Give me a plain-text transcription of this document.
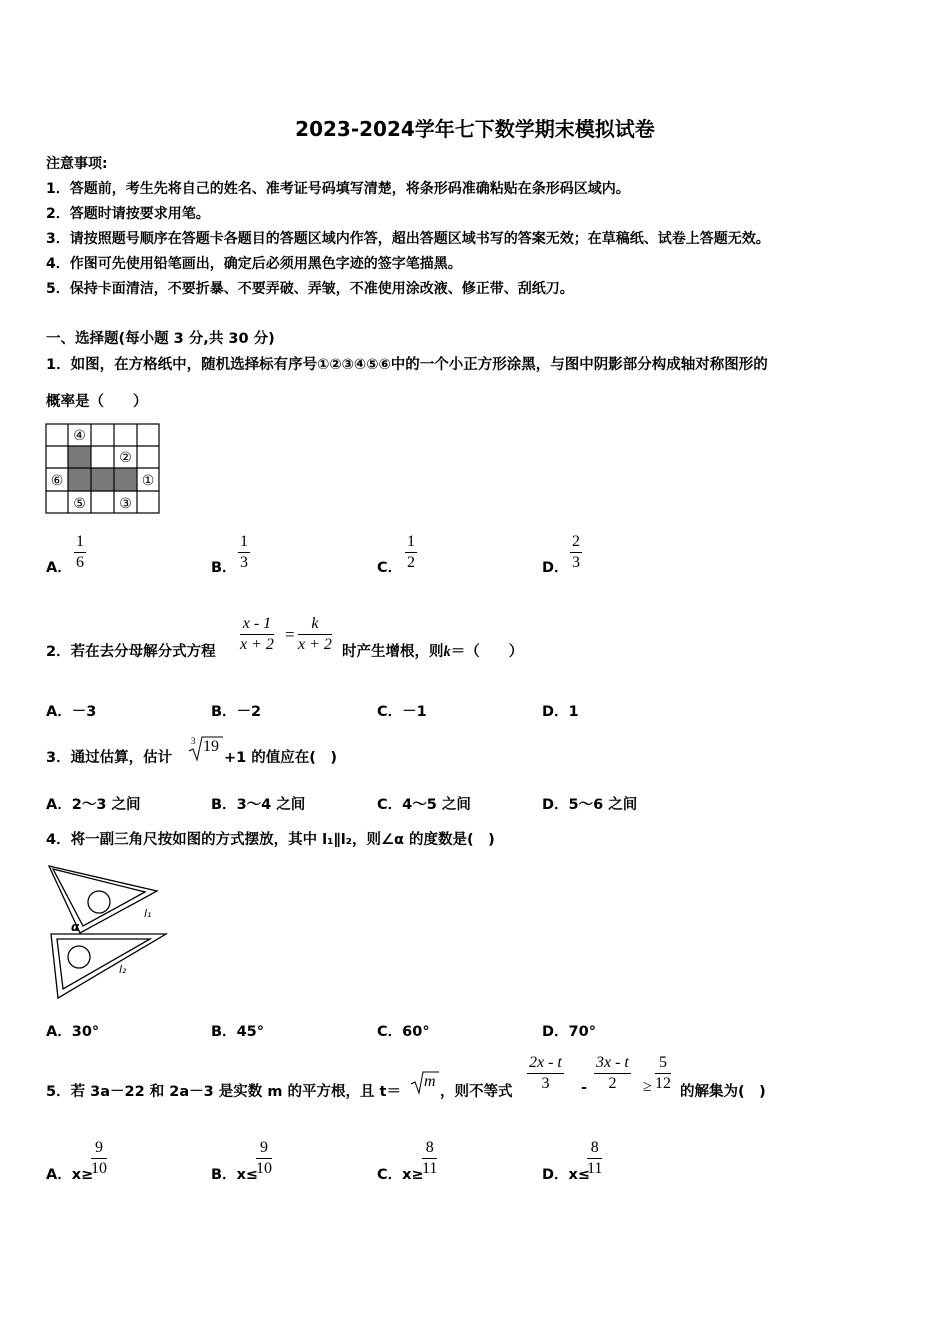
2023-2024学年七下数学期末模拟试卷
注意事项:
1．答题前，考生先将自己的姓名、准考证号码填写清楚，将条形码准确粘贴在条形码区域内。
2．答题时请按要求用笔。
3．请按照题号顺序在答题卡各题目的答题区域内作答，超出答题区域书写的答案无效；在草稿纸、试卷上答题无效。
4．作图可先使用铅笔画出，确定后必须用黑色字迹的签字笔描黑。
5．保持卡面清洁，不要折暴、不要弄破、弄皱，不准使用涂改液、修正带、刮纸刀。
一、选择题(每小题 3 分,共 30 分)
1．如图，在方格纸中，随机选择标有序号①②③④⑤⑥中的一个小正方形涂黑，与图中阴影部分构成轴对称图形的
概率是（　　）
④
②
⑥	①
⑤ ③
A． $\frac{1}{6}$	B． $\frac{1}{3}$	C． $\frac{1}{2}$	D． $\frac{2}{3}$
2．若在去分母解分式方程 $\frac{x - 1}{x + 2} = \frac{k}{x + 2}$ 时产生增根，则k＝（　　）
A．－3	B．－2	C．－1	D．1
3．通过估算，估计
3 19
+1 的值应在(　)
A．2～3 之间	B．3～4 之间	C．4～5 之间	D．5～6 之间
4．将一副三角尺按如图的方式摆放，其中 l₁∥l₂，则∠α 的度数是(　)
l₁
l₂
α
A．30°	B．45°	C．60°	D．70°
5．若 3a－22 和 2a－3 是实数 m 的平方根，且 t＝
m
，则不等式 $\frac{2x - t}{3} - \frac{3x - t}{2} \ge \frac{5}{12}$ 的解集为(　)
A．x≥
$\frac{9}{10}$	B．x≤
$\frac{9}{10}$	C．x≥
$\frac{8}{11}$	D．x≤
$\frac{8}{11}$
